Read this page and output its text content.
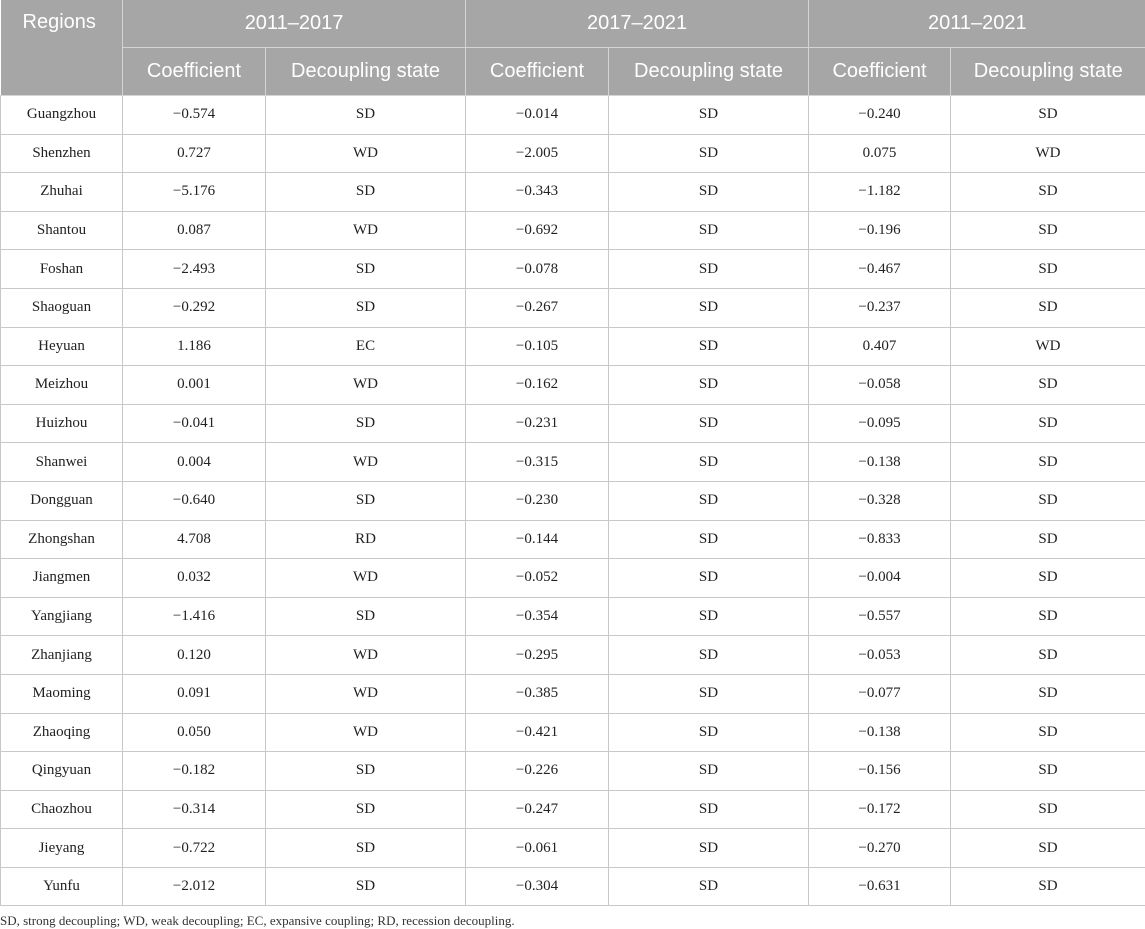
Regions	2011–2017		2017–2021		2011–2021	
	Coefficient	Decoupling state	Coefficient	Decoupling state	Coefficient	Decoupling state
Guangzhou	−0.574	SD	−0.014	SD	−0.240	SD
Shenzhen	0.727	WD	−2.005	SD	0.075	WD
Zhuhai	−5.176	SD	−0.343	SD	−1.182	SD
Shantou	0.087	WD	−0.692	SD	−0.196	SD
Foshan	−2.493	SD	−0.078	SD	−0.467	SD
Shaoguan	−0.292	SD	−0.267	SD	−0.237	SD
Heyuan	1.186	EC	−0.105	SD	0.407	WD
Meizhou	0.001	WD	−0.162	SD	−0.058	SD
Huizhou	−0.041	SD	−0.231	SD	−0.095	SD
Shanwei	0.004	WD	−0.315	SD	−0.138	SD
Dongguan	−0.640	SD	−0.230	SD	−0.328	SD
Zhongshan	4.708	RD	−0.144	SD	−0.833	SD
Jiangmen	0.032	WD	−0.052	SD	−0.004	SD
Yangjiang	−1.416	SD	−0.354	SD	−0.557	SD
Zhanjiang	0.120	WD	−0.295	SD	−0.053	SD
Maoming	0.091	WD	−0.385	SD	−0.077	SD
Zhaoqing	0.050	WD	−0.421	SD	−0.138	SD
Qingyuan	−0.182	SD	−0.226	SD	−0.156	SD
Chaozhou	−0.314	SD	−0.247	SD	−0.172	SD
Jieyang	−0.722	SD	−0.061	SD	−0.270	SD
Yunfu	−2.012	SD	−0.304	SD	−0.631	SD
SD, strong decoupling; WD, weak decoupling; EC, expansive coupling; RD, recession decoupling.
